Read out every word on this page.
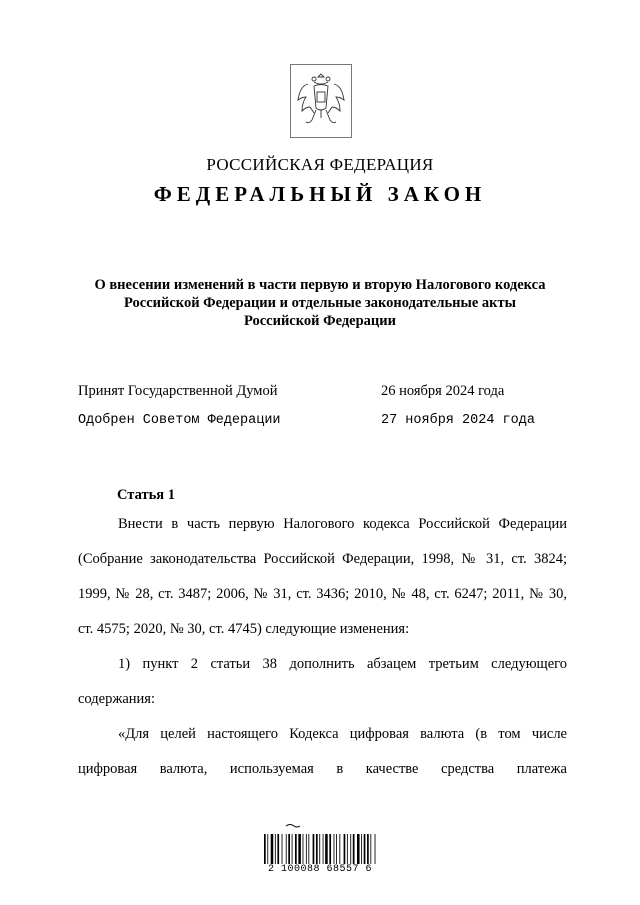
РОССИЙСКАЯ ФЕДЕРАЦИЯ
ФЕДЕРАЛЬНЫЙ ЗАКОН
О внесении изменений в части первую и вторую Налогового кодекса
Российской Федерации и отдельные законодательные акты
Российской Федерации
Принят Государственной Думой	26 ноября 2024 года
Одобрен Советом Федерации	27 ноября 2024 года
Статья 1
Внести в часть первую Налогового кодекса Российской Федерации
(Собрание законодательства Российской Федерации, 1998, № 31, ст. 3824;
1999, № 28, ст. 3487; 2006, № 31, ст. 3436; 2010, № 48, ст. 6247; 2011, № 30,
ст. 4575; 2020, № 30, ст. 4745) следующие изменения:
1) пункт 2 статьи 38 дополнить абзацем третьим следующего
содержания:
«Для целей настоящего Кодекса цифровая валюта (в том числе
цифровая валюта, используемая в качестве средства платежа
2 100088 68557 6
